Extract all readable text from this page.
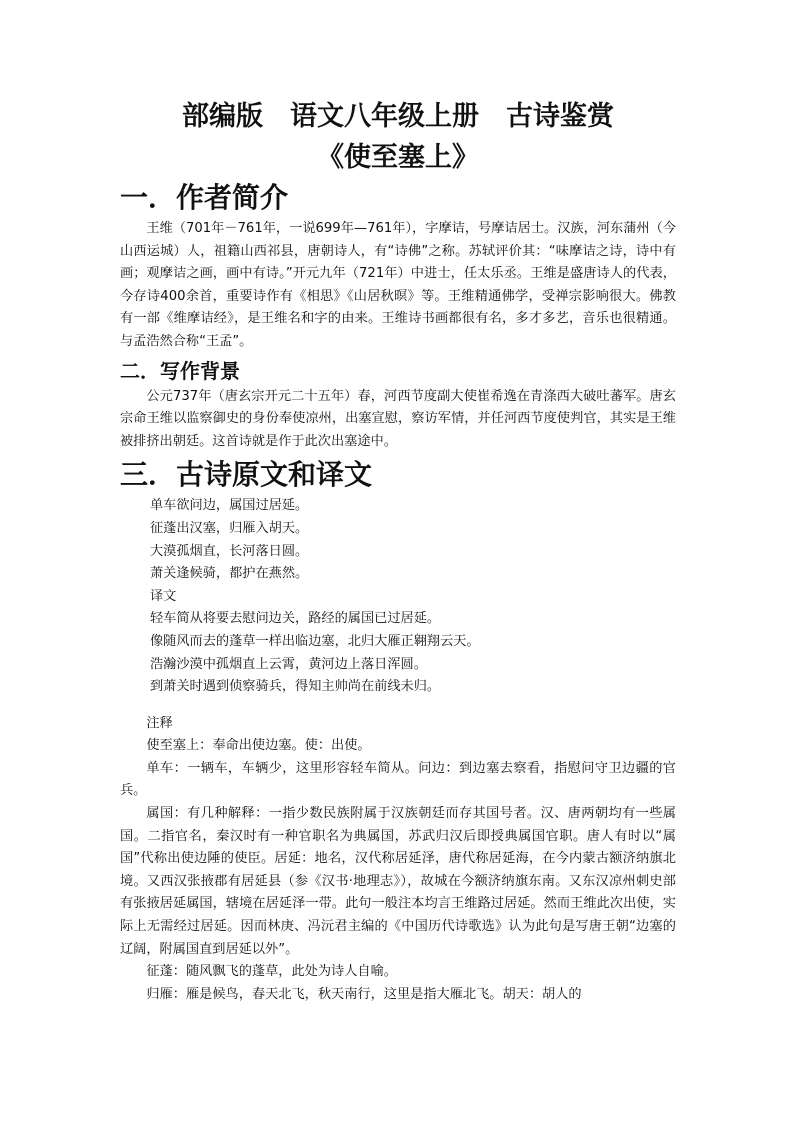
部编版　语文八年级上册　古诗鉴赏
《使至塞上》
一．作者简介

王维（701年－761年，一说699年—761年），字摩诘，号摩诘居士。汉族，河东蒲州（今山西运城）人，祖籍山西祁县，唐朝诗人，有“诗佛”之称。苏轼评价其：“味摩诘之诗，诗中有画；观摩诘之画，画中有诗。”开元九年（721年）中进士，任太乐丞。王维是盛唐诗人的代表，今存诗400余首，重要诗作有《相思》《山居秋暝》等。王维精通佛学，受禅宗影响很大。佛教有一部《维摩诘经》，是王维名和字的由来。王维诗书画都很有名，多才多艺，音乐也很精通。与孟浩然合称“王孟”。

二．写作背景

公元737年（唐玄宗开元二十五年）春，河西节度副大使崔希逸在青涤西大破吐蕃军。唐玄宗命王维以监察御史的身份奉使凉州，出塞宣慰，察访军情，并任河西节度使判官，其实是王维被排挤出朝廷。这首诗就是作于此次出塞途中。

三．古诗原文和译文

单车欲问边，属国过居延。

征蓬出汉塞，归雁入胡天。

大漠孤烟直，长河落日圆。

萧关逢候骑，都护在燕然。

译文

轻车简从将要去慰问边关，路经的属国已过居延。

像随风而去的蓬草一样出临边塞，北归大雁正翱翔云天。

浩瀚沙漠中孤烟直上云霄，黄河边上落日浑圆。

到萧关时遇到侦察骑兵，得知主帅尚在前线未归。

注释

使至塞上：奉命出使边塞。使：出使。

单车：一辆车，车辆少，这里形容轻车简从。问边：到边塞去察看，指慰问守卫边疆的官兵。

属国：有几种解释：一指少数民族附属于汉族朝廷而存其国号者。汉、唐两朝均有一些属国。二指官名，秦汉时有一种官职名为典属国，苏武归汉后即授典属国官职。唐人有时以“属国”代称出使边陲的使臣。居延：地名，汉代称居延泽，唐代称居延海，在今内蒙古额济纳旗北境。又西汉张掖郡有居延县（参《汉书·地理志》），故城在今额济纳旗东南。又东汉凉州刺史部有张掖居延属国，辖境在居延泽一带。此句一般注本均言王维路过居延。然而王维此次出使，实际上无需经过居延。因而林庚、冯沅君主编的《中国历代诗歌选》认为此句是写唐王朝“边塞的辽阔，附属国直到居延以外”。

征蓬：随风飘飞的蓬草，此处为诗人自喻。

归雁：雁是候鸟，春天北飞，秋天南行，这里是指大雁北飞。胡天：胡人的
